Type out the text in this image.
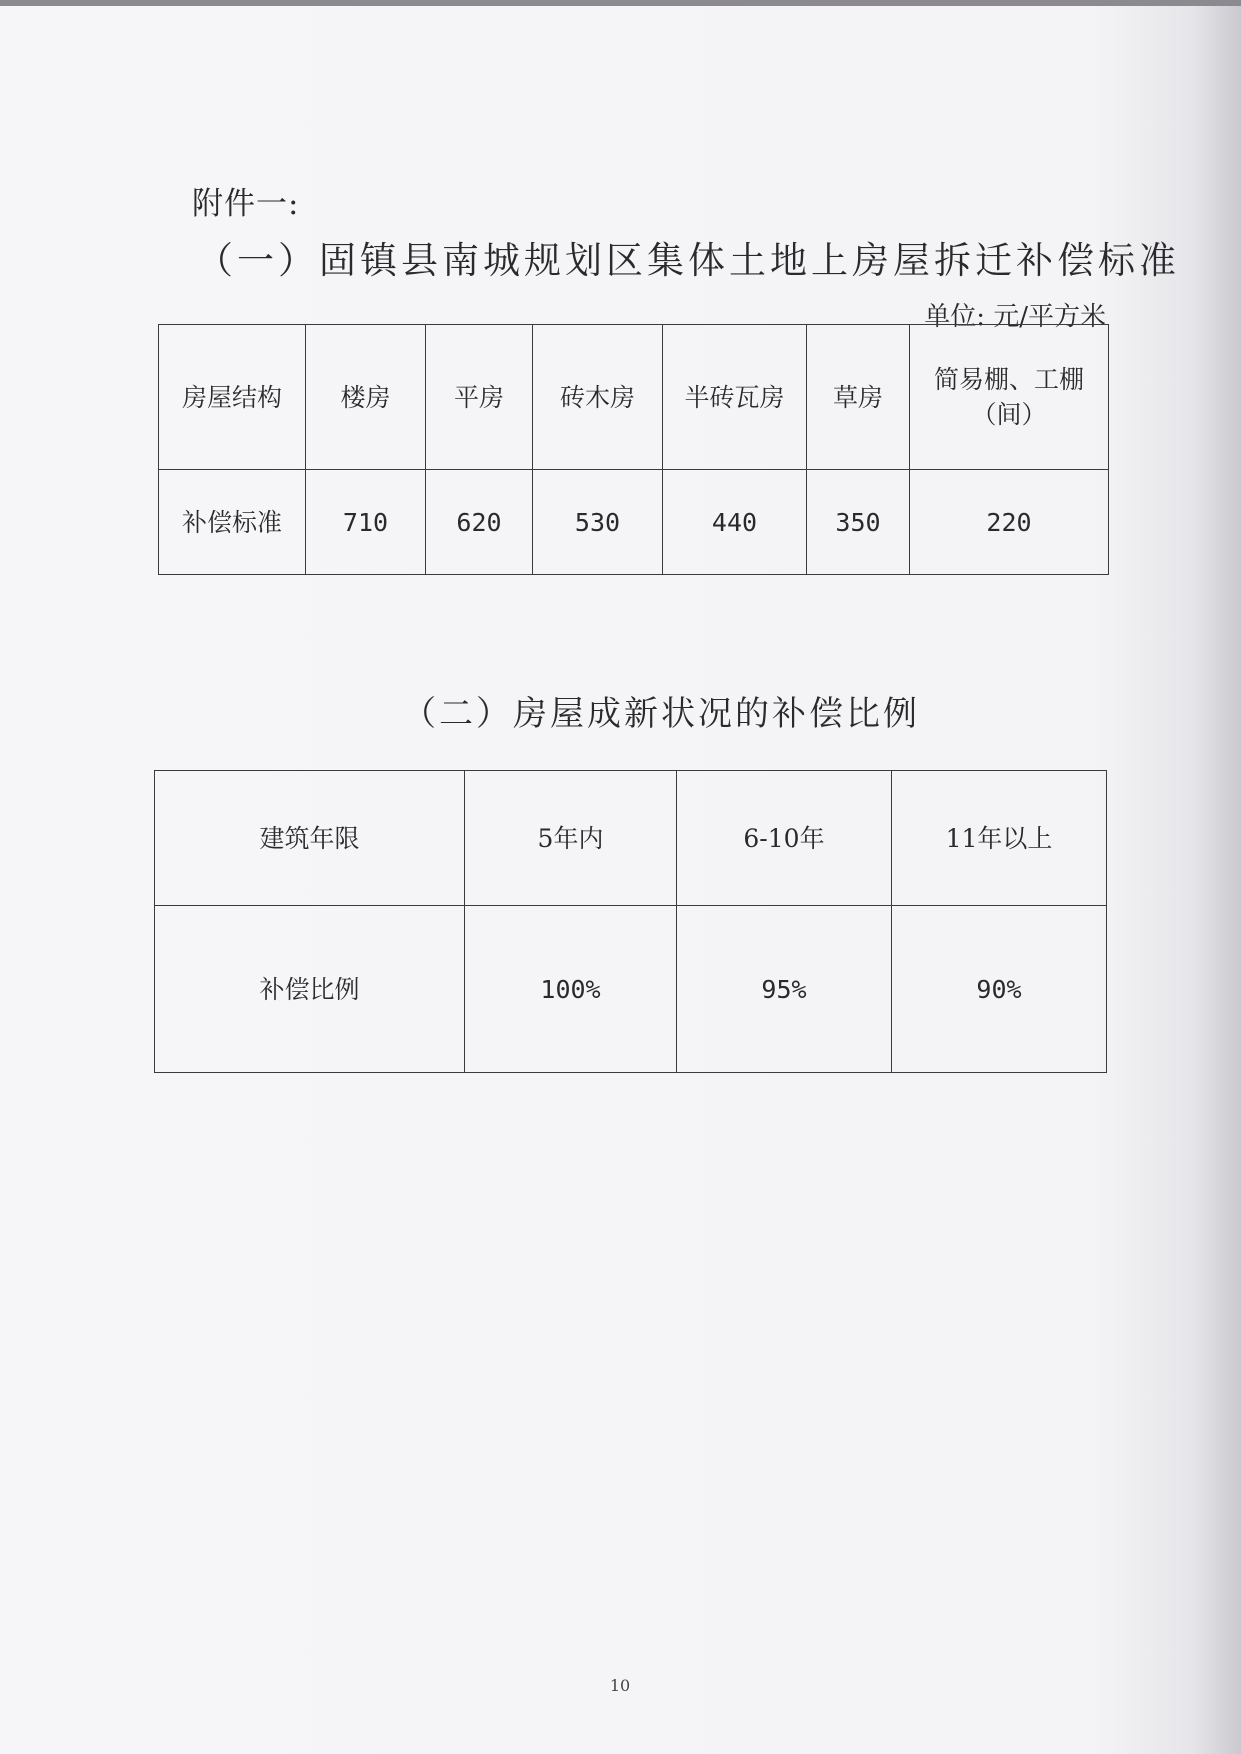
附件一:
（一）固镇县南城规划区集体土地上房屋拆迁补偿标准
单位: 元/平方米
房屋结构	楼房	平房	砖木房	半砖瓦房	草房	简易棚、工棚（间）
补偿标准	710	620	530	440	350	220
（二）房屋成新状况的补偿比例
建筑年限	5年内	6-10年	11年以上
补偿比例	100%	95%	90%
10
